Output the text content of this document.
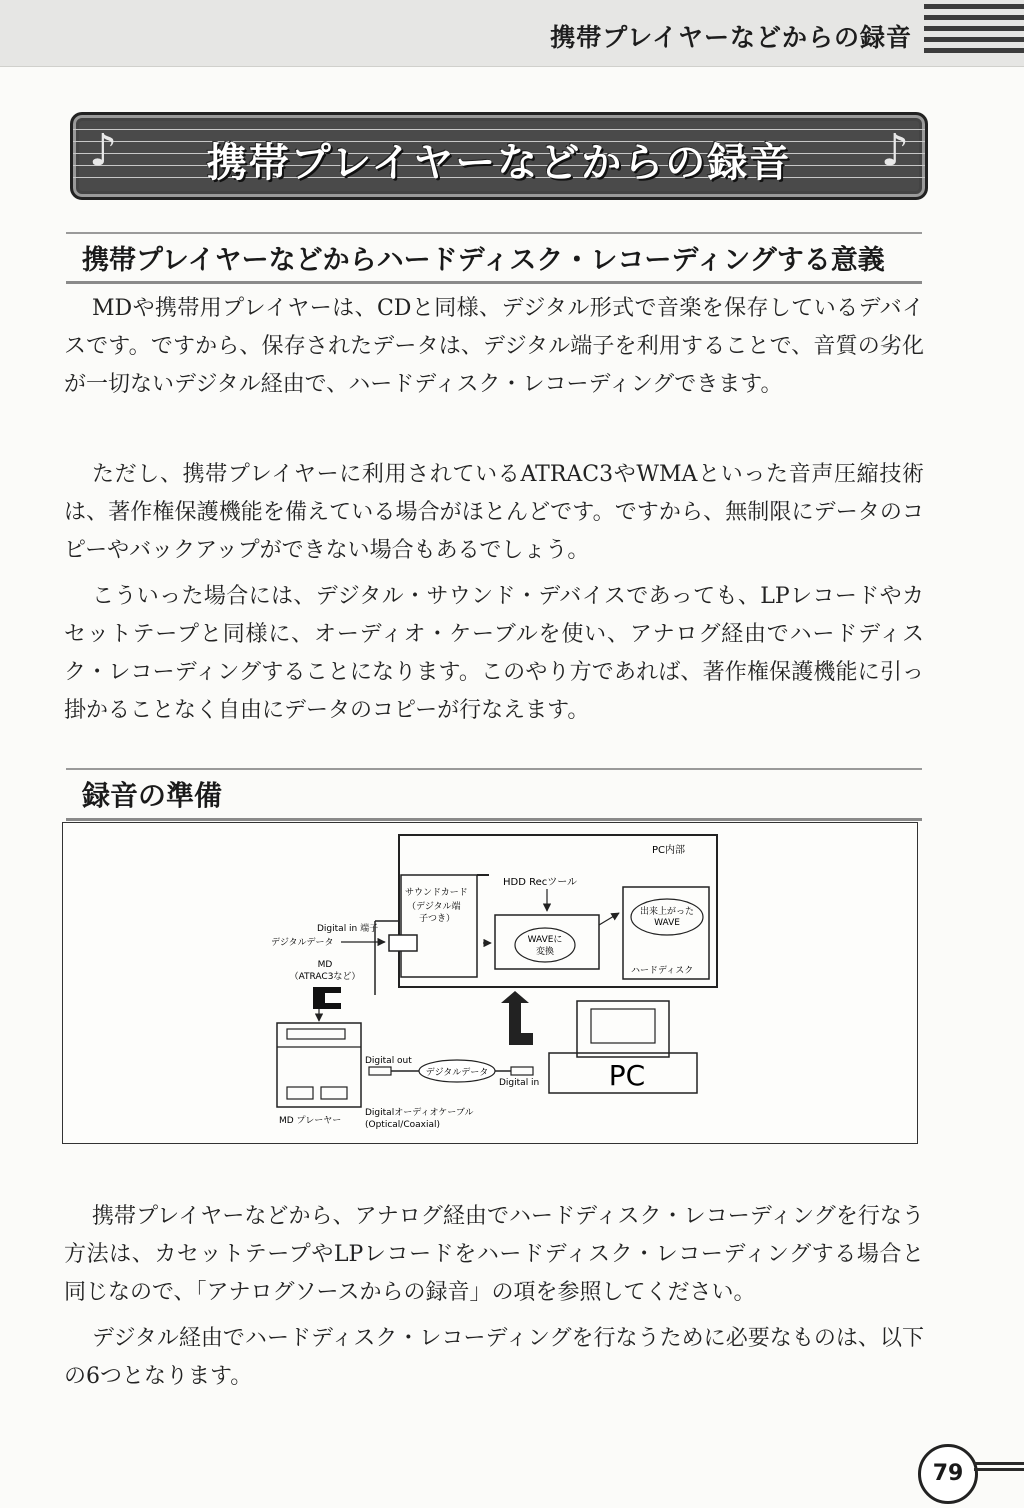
携帯プレイヤーなどからの録音
♪	携帯プレイヤーなどからの録音	♪
携帯プレイヤーなどからハードディスク・レコーディングする意義
MDや携帯用プレイヤーは、CDと同様、デジタル形式で音楽を保存しているデバイスです。ですから、保存されたデータは、デジタル端子を利用することで、音質の劣化が一切ないデジタル経由で、ハードディスク・レコーディングできます。
ただし、携帯プレイヤーに利用されているATRAC3やWMAといった音声圧縮技術は、著作権保護機能を備えている場合がほとんどです。ですから、無制限にデータのコピーやバックアップができない場合もあるでしょう。
こういった場合には、デジタル・サウンド・デバイスであっても、LPレコードやカセットテープと同様に、オーディオ・ケーブルを使い、アナログ経由でハードディスク・レコーディングすることになります。このやり方であれば、著作権保護機能に引っ掛かることなく自由にデータのコピーが行なえます。
録音の準備
PC内部
サウンドカード
（デジタル端
子つき）
Digital in 端子
デジタルデータ
HDD Recツール
WAVEに
変換
出来上がった
WAVE
ハードディスク
MD
（ATRAC3など）
MD プレーヤー
Digital out
デジタルデータ
Digital in
Digitalオーディオケーブル
(Optical/Coaxial)
PC
携帯プレイヤーなどから、アナログ経由でハードディスク・レコーディングを行なう方法は、カセットテープやLPレコードをハードディスク・レコーディングする場合と同じなので、「アナログソースからの録音」の項を参照してください。
デジタル経由でハードディスク・レコーディングを行なうために必要なものは、以下の6つとなります。
79
